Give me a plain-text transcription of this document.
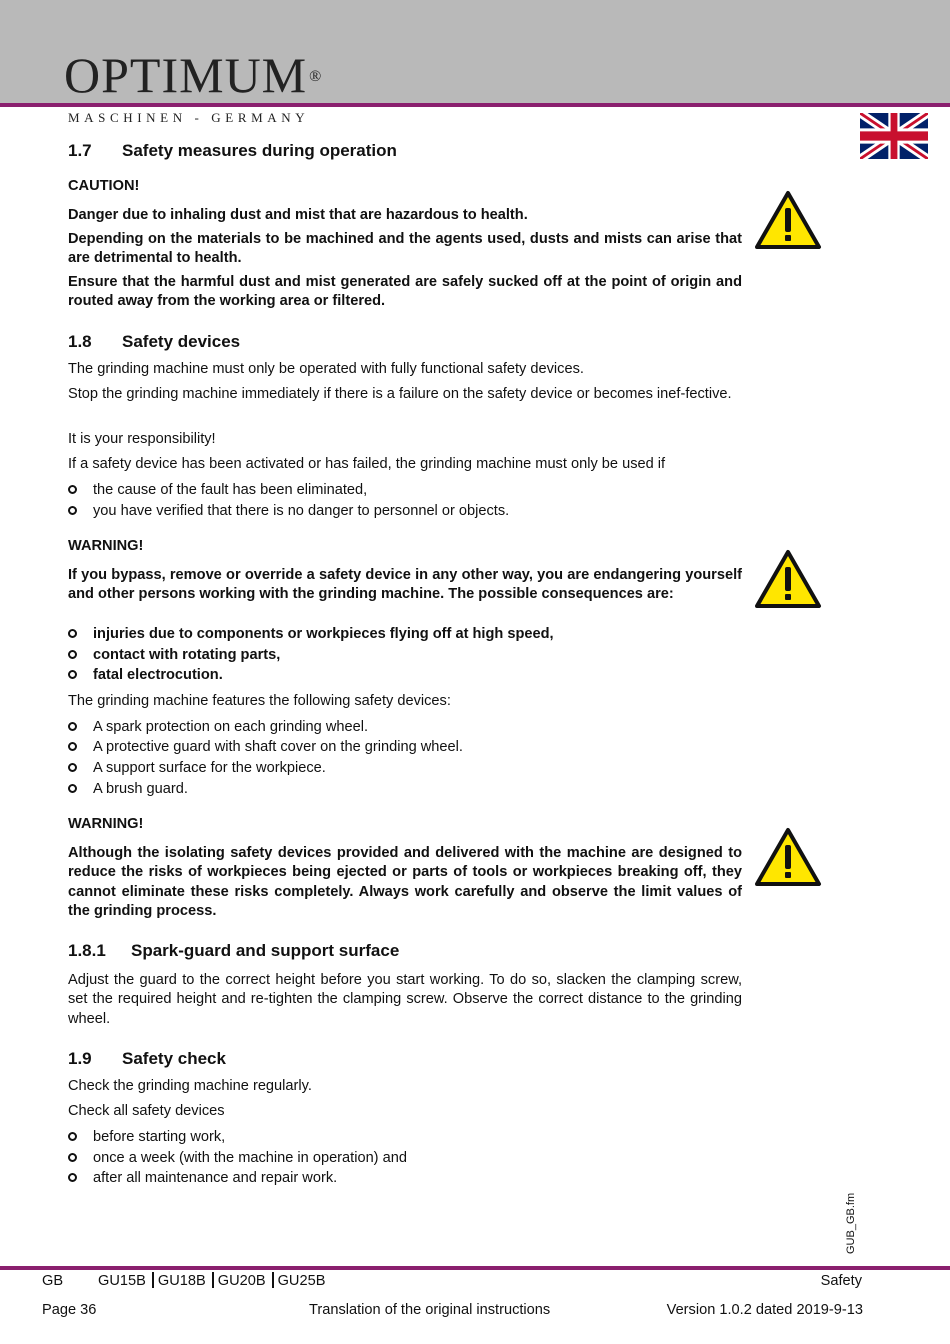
OPTIMUM ®
MASCHINEN - GERMANY
1.7 Safety measures during operation
CAUTION!
Danger due to inhaling dust and mist that are hazardous to health.
Depending on the materials to be machined and the agents used, dusts and mists can arise that are detrimental to health.
Ensure that the harmful dust and mist generated are safely sucked off at the point of origin and routed away from the working area or filtered.
1.8 Safety devices
The grinding machine must only be operated with fully functional safety devices.
Stop the grinding machine immediately if there is a failure on the safety device or becomes inef-fective.
It is your responsibility!
If a safety device has been activated or has failed, the grinding machine must only be used if
the cause of the fault has been eliminated,
you have verified that there is no danger to personnel or objects.
WARNING!
If you bypass, remove or override a safety device in any other way, you are endangering yourself and other persons working with the grinding machine. The possible consequences are:
injuries due to components or workpieces flying off at high speed,
contact with rotating parts,
fatal electrocution.
The grinding machine features the following safety devices:
A spark protection on each grinding wheel.
A protective guard with shaft cover on the grinding wheel.
A support surface for the workpiece.
A brush guard.
WARNING!
Although the isolating safety devices provided and delivered with the machine are designed to reduce the risks of workpieces being ejected or parts of tools or workpieces breaking off, they cannot eliminate these risks completely. Always work carefully and observe the limit values of the grinding process.
1.8.1 Spark-guard and support surface
Adjust the guard to the correct height before you start working. To do so, slacken the clamping screw, set the required height and re-tighten the clamping screw. Observe the correct distance to the grinding wheel.
1.9 Safety check
Check the grinding machine regularly.
Check all safety devices
before starting work,
once a week (with the machine in operation) and
after all maintenance and repair work.
GUB_GB.fm
GB GU15B GU18B GU20B GU25B	Safety
Page 36	Translation of the original instructions	Version 1.0.2 dated 2019-9-13
